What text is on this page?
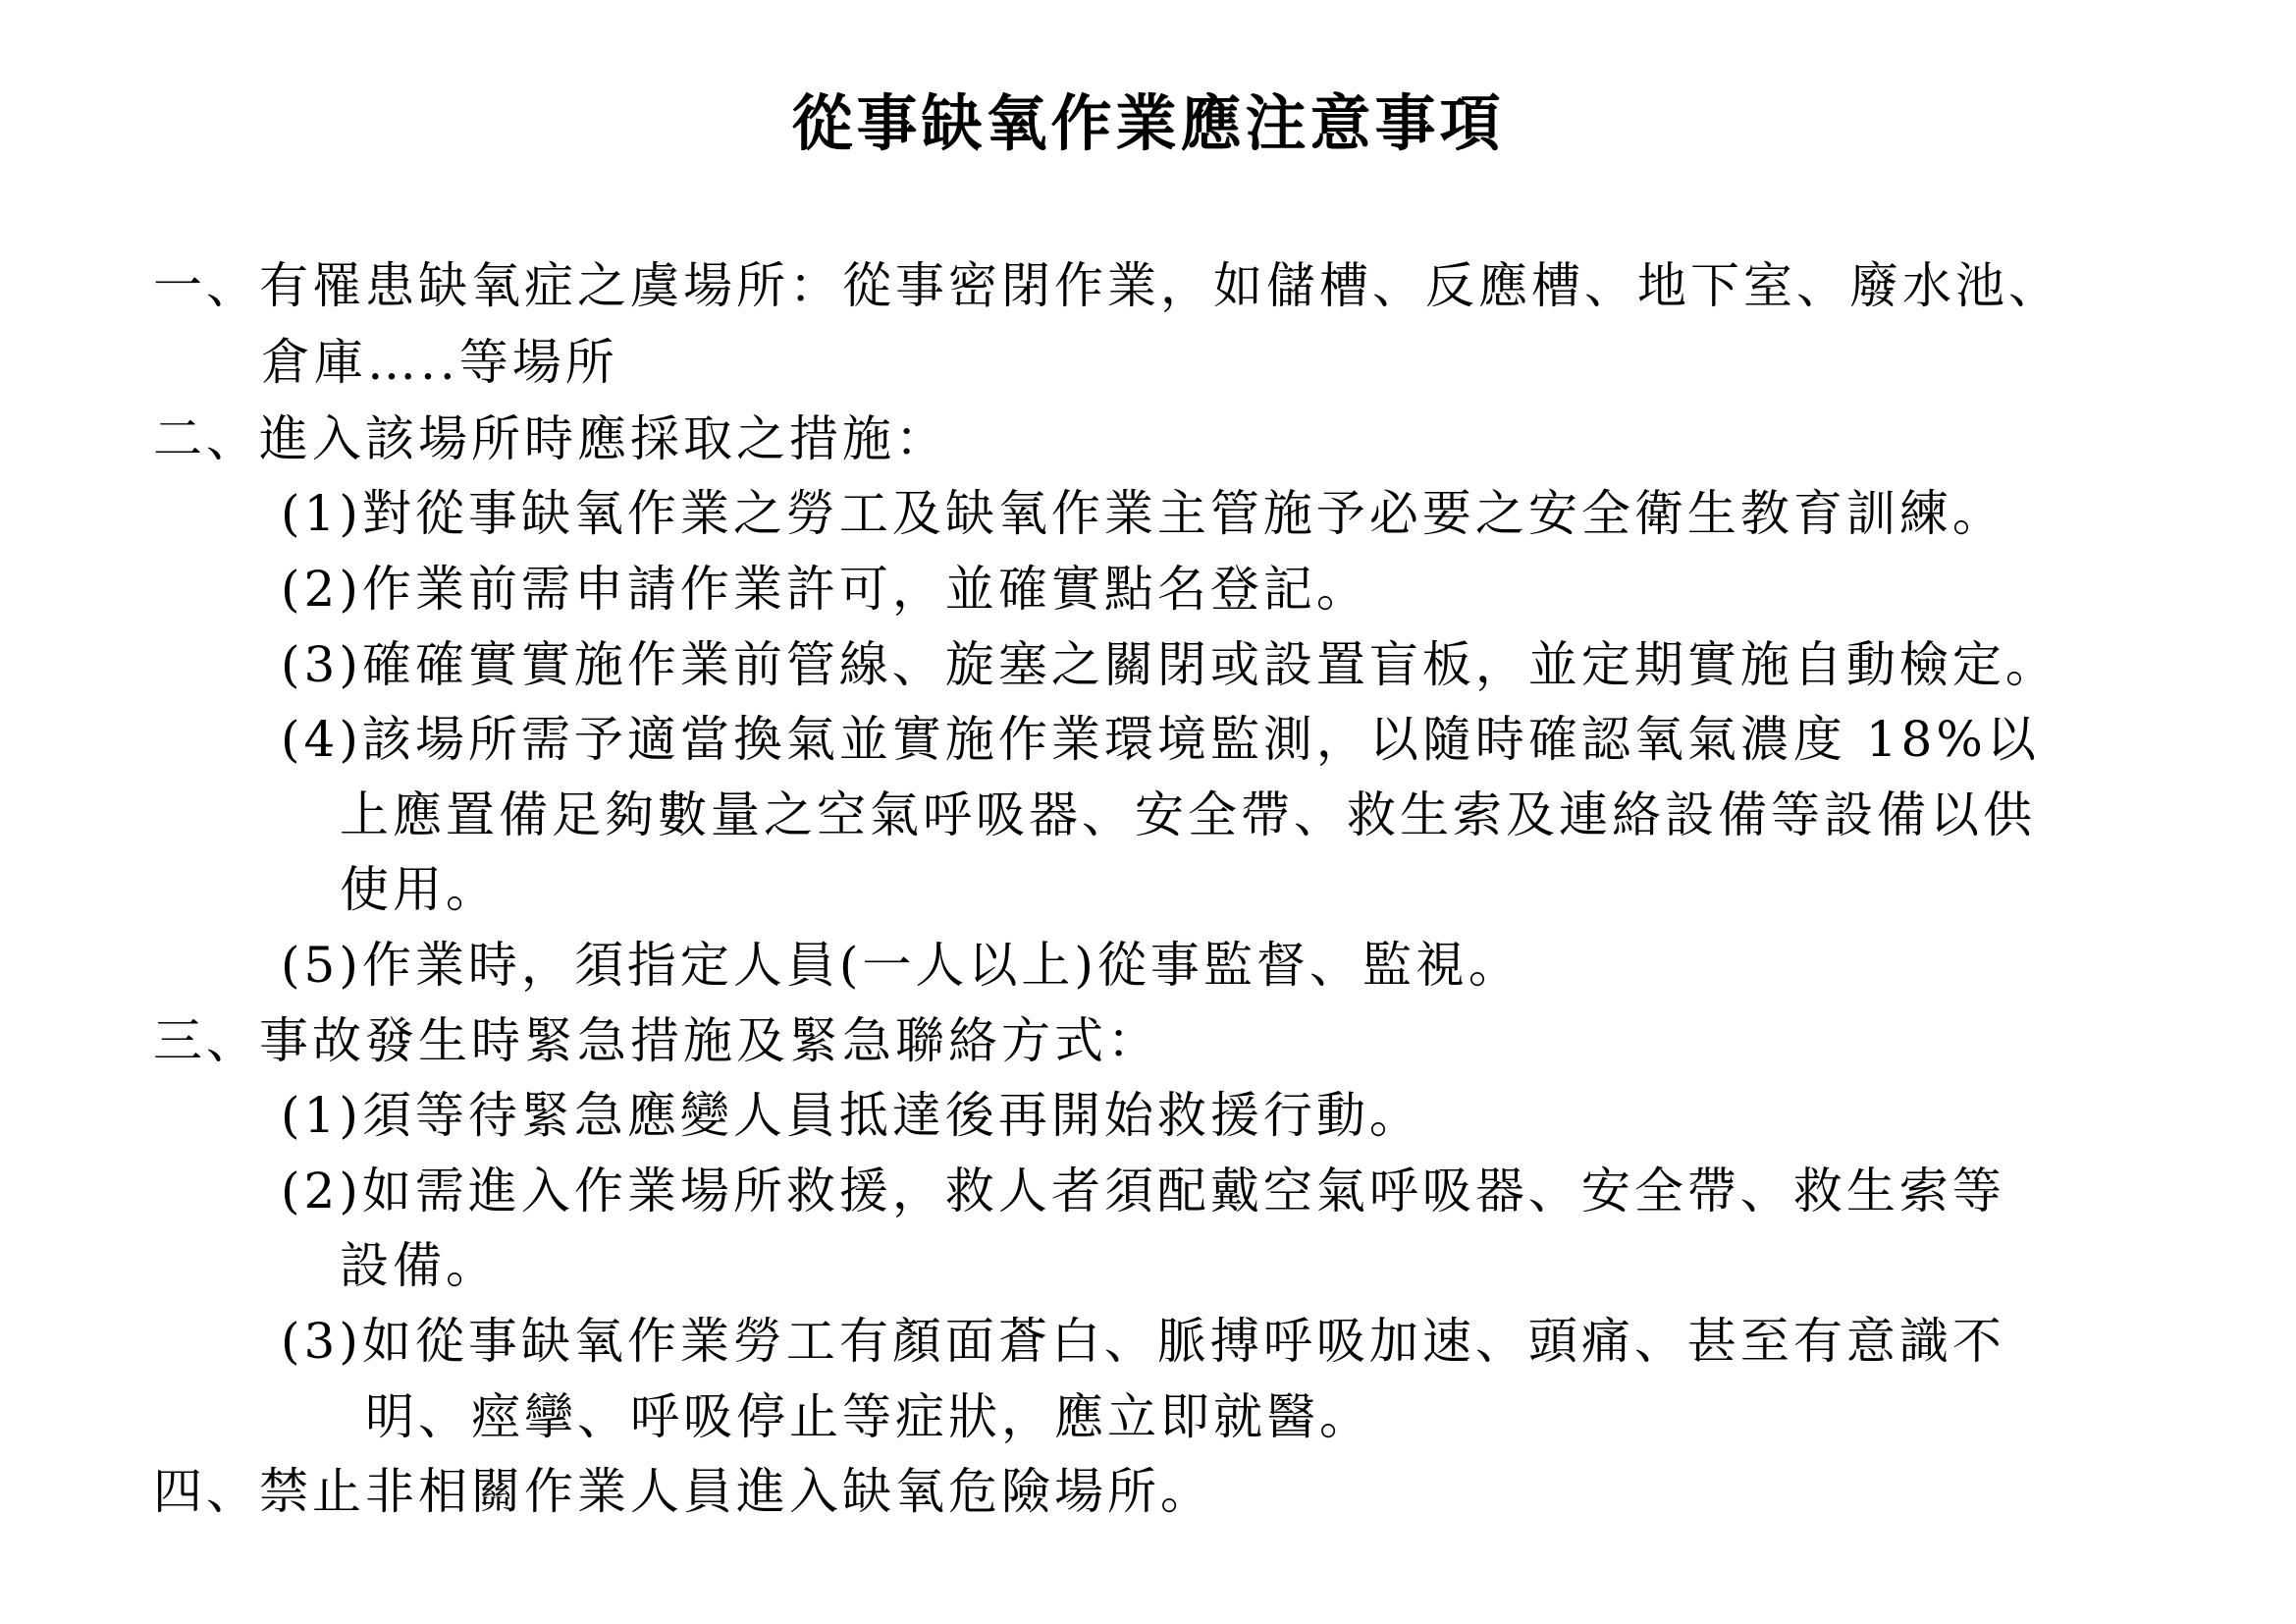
從事缺氧作業應注意事項
一、有罹患缺氧症之虞場所：從事密閉作業，如儲槽、反應槽、地下室、廢水池、
倉庫…..等場所
二、進入該場所時應採取之措施：
(1)對從事缺氧作業之勞工及缺氧作業主管施予必要之安全衛生教育訓練。
(2)作業前需申請作業許可，並確實點名登記。
(3)確確實實施作業前管線、旋塞之關閉或設置盲板，並定期實施自動檢定。
(4)該場所需予適當換氣並實施作業環境監測，以隨時確認氧氣濃度 18%以
上應置備足夠數量之空氣呼吸器、安全帶、救生索及連絡設備等設備以供
使用。
(5)作業時，須指定人員(一人以上)從事監督、監視。
三、事故發生時緊急措施及緊急聯絡方式：
(1)須等待緊急應變人員抵達後再開始救援行動。
(2)如需進入作業場所救援，救人者須配戴空氣呼吸器、安全帶、救生索等
設備。
(3)如從事缺氧作業勞工有顏面蒼白、脈搏呼吸加速、頭痛、甚至有意識不
明、痙攣、呼吸停止等症狀，應立即就醫。
四、禁止非相關作業人員進入缺氧危險場所。
